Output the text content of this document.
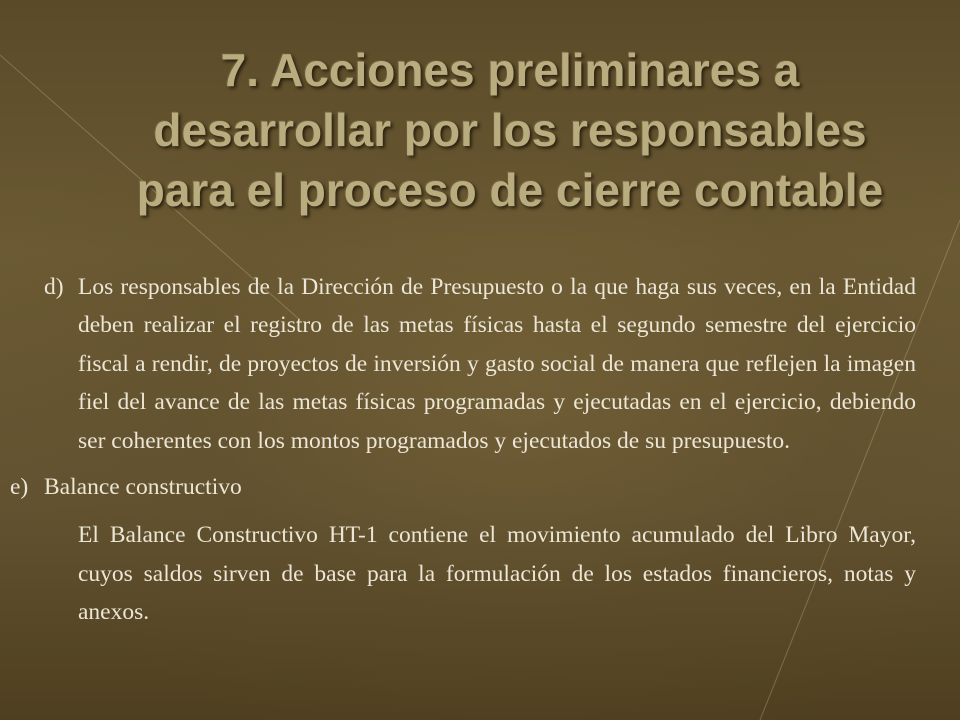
7. Acciones preliminares a
desarrollar por los responsables
para el proceso de cierre contable

d) Los responsables de la Dirección de Presupuesto o la que haga sus veces, en la Entidad deben realizar el registro de las metas físicas hasta el segundo semestre del ejercicio fiscal a rendir, de proyectos de inversión y gasto social de manera que reflejen la imagen fiel del avance de las metas físicas programadas y ejecutadas en el ejercicio, debiendo ser coherentes con los montos programados y ejecutados de su presupuesto.

e) Balance constructivo

El Balance Constructivo HT-1 contiene el movimiento acumulado del Libro Mayor, cuyos saldos sirven de base para la formulación de los estados financieros, notas y anexos.
